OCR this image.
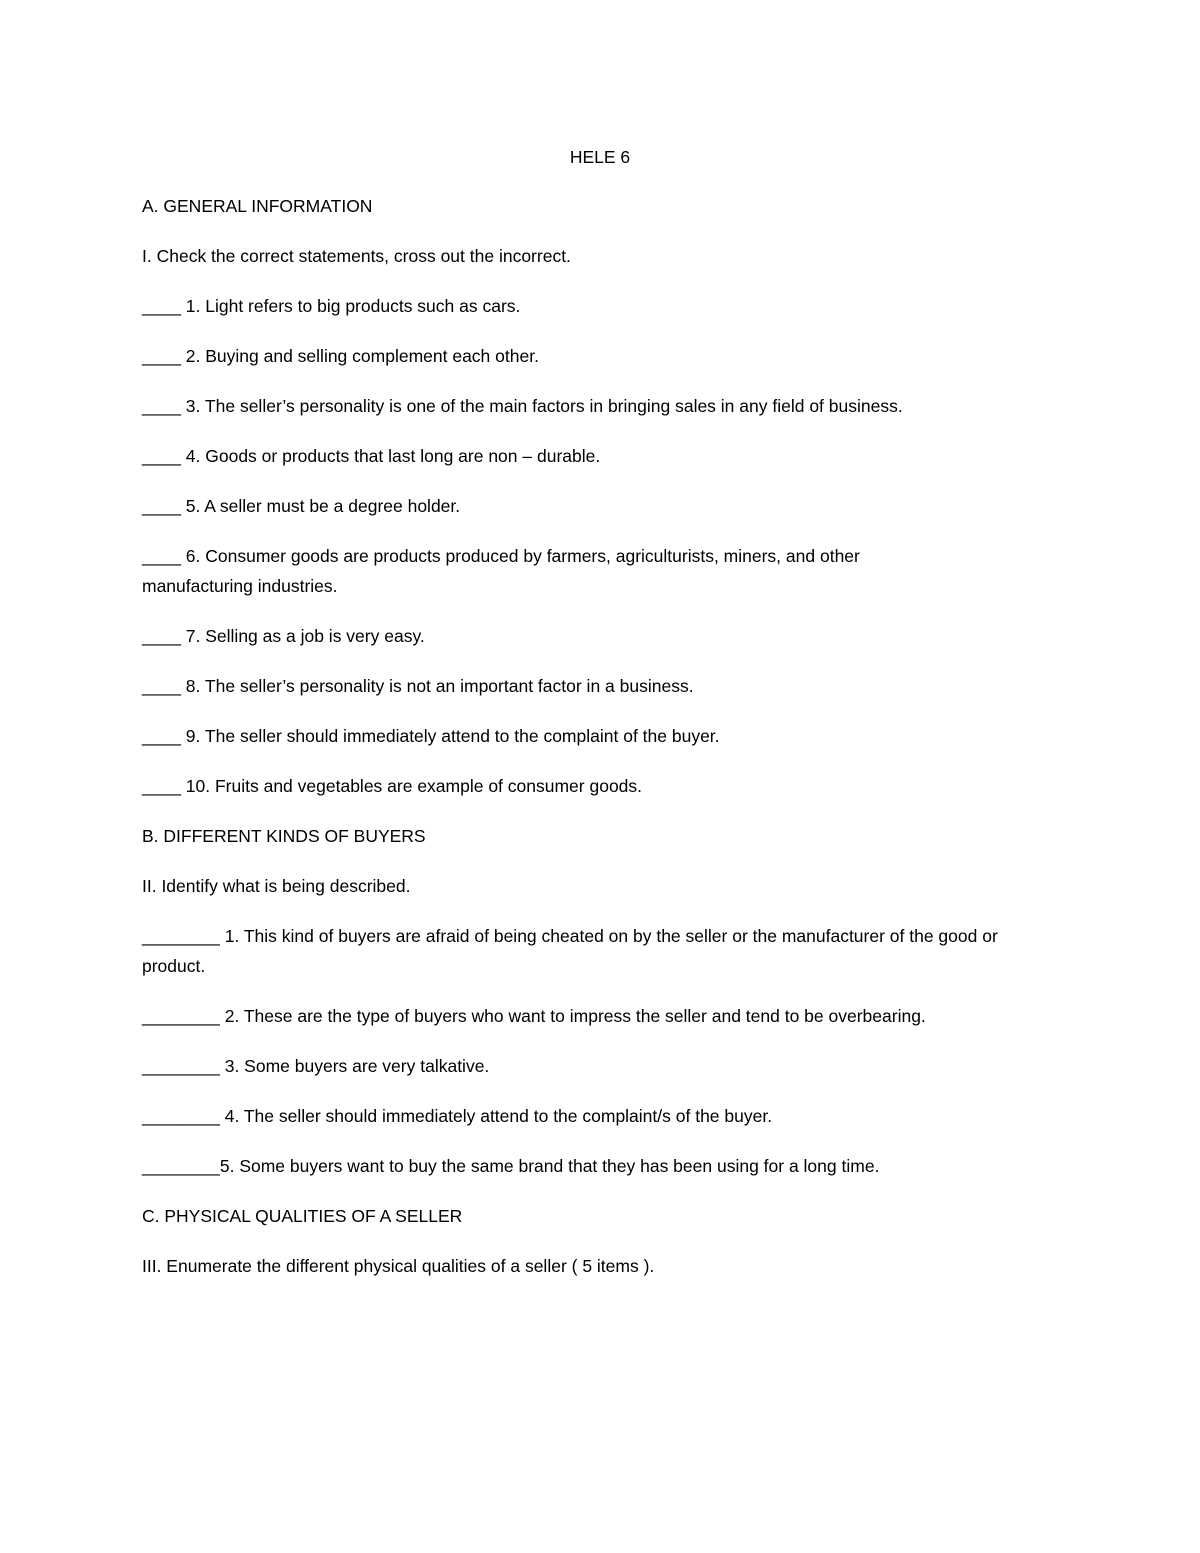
HELE 6
A. GENERAL INFORMATION
I. Check the correct statements, cross out the incorrect.
____ 1. Light refers to big products such as cars.
____ 2. Buying and selling complement each other.
____ 3. The seller’s personality is one of the main factors in bringing sales in any field of business.
____ 4. Goods or products that last long are non – durable.
____ 5. A seller must be a degree holder.
____ 6. Consumer goods are products produced by farmers, agriculturists, miners, and other manufacturing industries.
____ 7. Selling as a job is very easy.
____ 8. The seller’s personality is not an important factor in a business.
____ 9. The seller should immediately attend to the complaint of the buyer.
____ 10. Fruits and vegetables are example of consumer goods.
B. DIFFERENT KINDS OF BUYERS
II. Identify what is being described.
________ 1. This kind of buyers are afraid of being cheated on by the seller or the manufacturer of the good or product.
________ 2. These are the type of buyers who want to impress the seller and tend to be overbearing.
________ 3. Some buyers are very talkative.
________ 4. The seller should immediately attend to the complaint/s of the buyer.
________5. Some buyers want to buy the same brand that they has been using for a long time.
C. PHYSICAL QUALITIES OF A SELLER
III. Enumerate the different physical qualities of a seller ( 5 items ).
